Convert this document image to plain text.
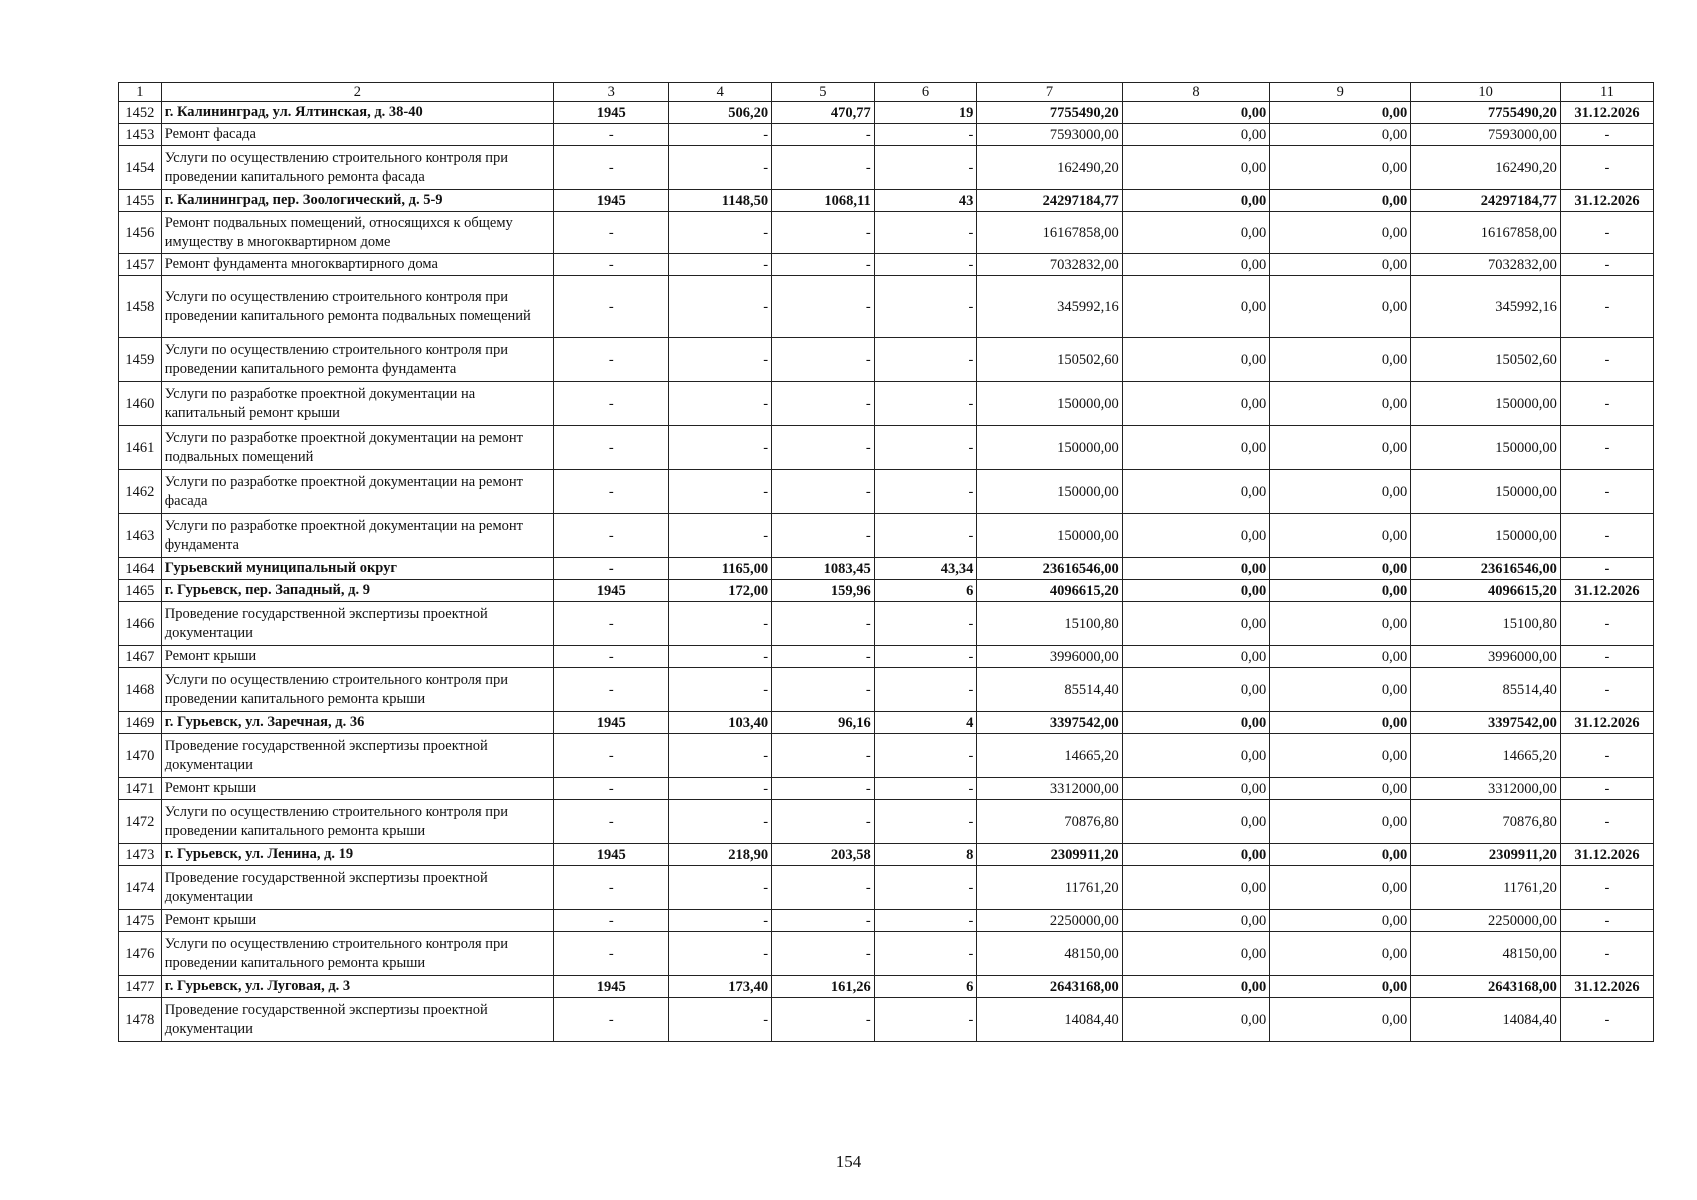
1	2	3	4	5	6	7	8	9	10	11
1452	г. Калининград, ул. Ялтинская, д. 38-40	1945	506,20	470,77	19	7755490,20	0,00	0,00	7755490,20	31.12.2026
1453	Ремонт фасада	-	-	-	-	7593000,00	0,00	0,00	7593000,00	-
1454	Услуги по осуществлению строительного контроля при проведении капитального ремонта фасада	-	-	-	-	162490,20	0,00	0,00	162490,20	-
1455	г. Калининград, пер. Зоологический, д. 5-9	1945	1148,50	1068,11	43	24297184,77	0,00	0,00	24297184,77	31.12.2026
1456	Ремонт подвальных помещений, относящихся к общему имуществу в многоквартирном доме	-	-	-	-	16167858,00	0,00	0,00	16167858,00	-
1457	Ремонт фундамента многоквартирного дома	-	-	-	-	7032832,00	0,00	0,00	7032832,00	-
1458	Услуги по осуществлению строительного контроля при проведении капитального ремонта подвальных помещений	-	-	-	-	345992,16	0,00	0,00	345992,16	-
1459	Услуги по осуществлению строительного контроля при проведении капитального ремонта фундамента	-	-	-	-	150502,60	0,00	0,00	150502,60	-
1460	Услуги по разработке проектной документации на капитальный ремонт крыши	-	-	-	-	150000,00	0,00	0,00	150000,00	-
1461	Услуги по разработке проектной документации на ремонт подвальных помещений	-	-	-	-	150000,00	0,00	0,00	150000,00	-
1462	Услуги по разработке проектной документации на ремонт фасада	-	-	-	-	150000,00	0,00	0,00	150000,00	-
1463	Услуги по разработке проектной документации на ремонт фундамента	-	-	-	-	150000,00	0,00	0,00	150000,00	-
1464	Гурьевский муниципальный округ	-	1165,00	1083,45	43,34	23616546,00	0,00	0,00	23616546,00	-
1465	г. Гурьевск, пер. Западный, д. 9	1945	172,00	159,96	6	4096615,20	0,00	0,00	4096615,20	31.12.2026
1466	Проведение государственной экспертизы проектной документации	-	-	-	-	15100,80	0,00	0,00	15100,80	-
1467	Ремонт крыши	-	-	-	-	3996000,00	0,00	0,00	3996000,00	-
1468	Услуги по осуществлению строительного контроля при проведении капитального ремонта крыши	-	-	-	-	85514,40	0,00	0,00	85514,40	-
1469	г. Гурьевск, ул. Заречная, д. 36	1945	103,40	96,16	4	3397542,00	0,00	0,00	3397542,00	31.12.2026
1470	Проведение государственной экспертизы проектной документации	-	-	-	-	14665,20	0,00	0,00	14665,20	-
1471	Ремонт крыши	-	-	-	-	3312000,00	0,00	0,00	3312000,00	-
1472	Услуги по осуществлению строительного контроля при проведении капитального ремонта крыши	-	-	-	-	70876,80	0,00	0,00	70876,80	-
1473	г. Гурьевск, ул. Ленина, д. 19	1945	218,90	203,58	8	2309911,20	0,00	0,00	2309911,20	31.12.2026
1474	Проведение государственной экспертизы проектной документации	-	-	-	-	11761,20	0,00	0,00	11761,20	-
1475	Ремонт крыши	-	-	-	-	2250000,00	0,00	0,00	2250000,00	-
1476	Услуги по осуществлению строительного контроля при проведении капитального ремонта крыши	-	-	-	-	48150,00	0,00	0,00	48150,00	-
1477	г. Гурьевск, ул. Луговая, д. 3	1945	173,40	161,26	6	2643168,00	0,00	0,00	2643168,00	31.12.2026
1478	Проведение государственной экспертизы проектной документации	-	-	-	-	14084,40	0,00	0,00	14084,40	-
154
